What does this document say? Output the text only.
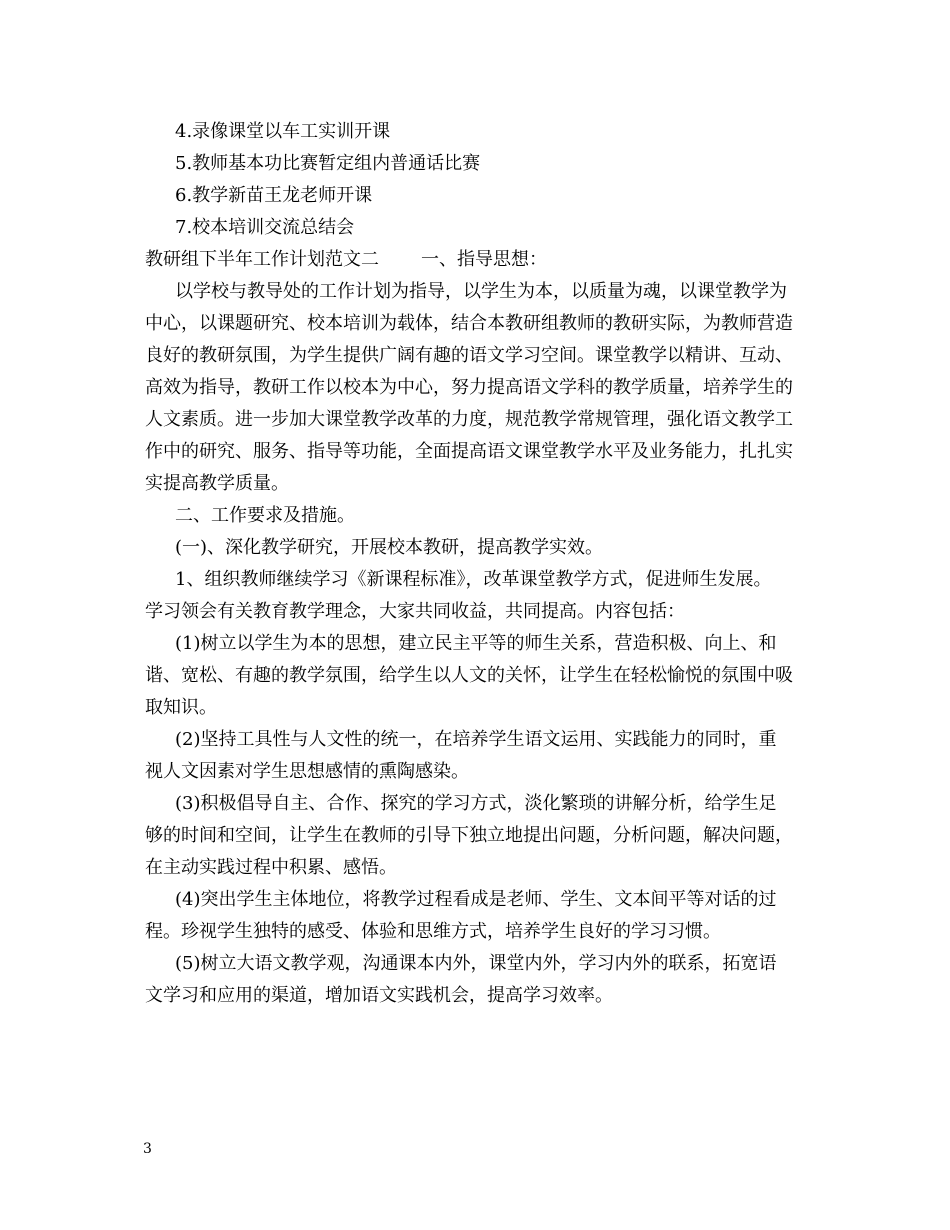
4.录像课堂以车工实训开课
5.教师基本功比赛暂定组内普通话比赛
6.教学新苗王龙老师开课
7.校本培训交流总结会
教研组下半年工作计划范文二 一、指导思想：
以学校与教导处的工作计划为指导，以学生为本，以质量为魂，以课堂教学为
中心，以课题研究、校本培训为载体，结合本教研组教师的教研实际，为教师营造
良好的教研氛围，为学生提供广阔有趣的语文学习空间。课堂教学以精讲、互动、
高效为指导，教研工作以校本为中心，努力提高语文学科的教学质量，培养学生的
人文素质。进一步加大课堂教学改革的力度，规范教学常规管理，强化语文教学工
作中的研究、服务、指导等功能，全面提高语文课堂教学水平及业务能力，扎扎实
实提高教学质量。
二、工作要求及措施。
(一)、深化教学研究，开展校本教研，提高教学实效。
1、组织教师继续学习《新课程标准》，改革课堂教学方式，促进师生发展。
学习领会有关教育教学理念，大家共同收益，共同提高。内容包括：
(1)树立以学生为本的思想，建立民主平等的师生关系，营造积极、向上、和
谐、宽松、有趣的教学氛围，给学生以人文的关怀，让学生在轻松愉悦的氛围中吸
取知识。
(2)坚持工具性与人文性的统一，在培养学生语文运用、实践能力的同时，重
视人文因素对学生思想感情的熏陶感染。
(3)积极倡导自主、合作、探究的学习方式，淡化繁琐的讲解分析，给学生足
够的时间和空间，让学生在教师的引导下独立地提出问题，分析问题，解决问题，
在主动实践过程中积累、感悟。
(4)突出学生主体地位，将教学过程看成是老师、学生、文本间平等对话的过
程。珍视学生独特的感受、体验和思维方式，培养学生良好的学习习惯。
(5)树立大语文教学观，沟通课本内外，课堂内外，学习内外的联系，拓宽语
文学习和应用的渠道，增加语文实践机会，提高学习效率。
3
